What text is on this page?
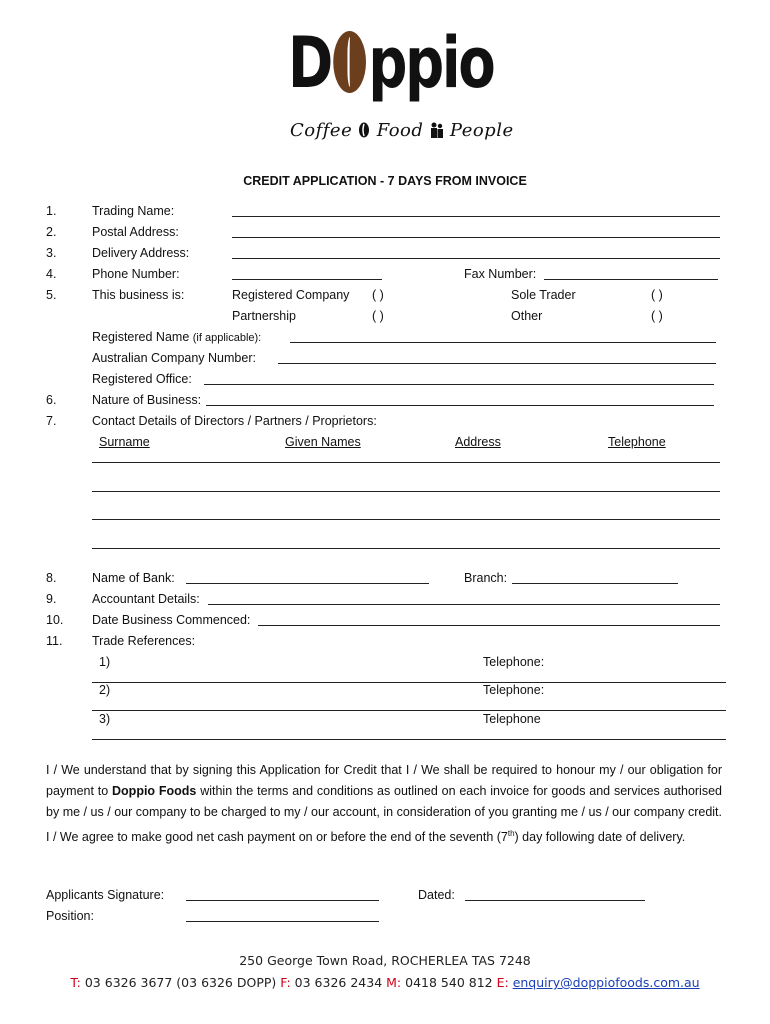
D ppio
Coffee Food People
CREDIT APPLICATION - 7 DAYS FROM INVOICE
1.	Trading Name:
2.	Postal Address:
3.	Delivery Address:
4.	Phone Number:	Fax Number:
5.	This business is:	Registered Company ( )	Sole Trader	( )
Partnership	( )	Other	( )
Registered Name (if applicable):
Australian Company Number:
Registered Office:
6.	Nature of Business:
7.	Contact Details of Directors / Partners / Proprietors:
Surname	Given Names	Address	Telephone
8.	Name of Bank:	Branch:
9.	Accountant Details:
10. Date Business Commenced:
11. Trade References:
1)	Telephone:
2)	Telephone:
3)	Telephone
I / We understand that by signing this Application for Credit that I / We shall be required to honour my / our obligation for payment to Doppio Foods within the terms and conditions as outlined on each invoice for goods and services authorised by me / us / our company to be charged to my / our account, in consideration of you granting me / us / our company credit. I / We agree to make good net cash payment on or before the end of the seventh (7th) day following date of delivery.
Applicants Signature:	Dated:
Position:
250 George Town Road, ROCHERLEA TAS 7248
T: 03 6326 3677 (03 6326 DOPP) F: 03 6326 2434 M: 0418 540 812 E: enquiry@doppiofoods.com.au
